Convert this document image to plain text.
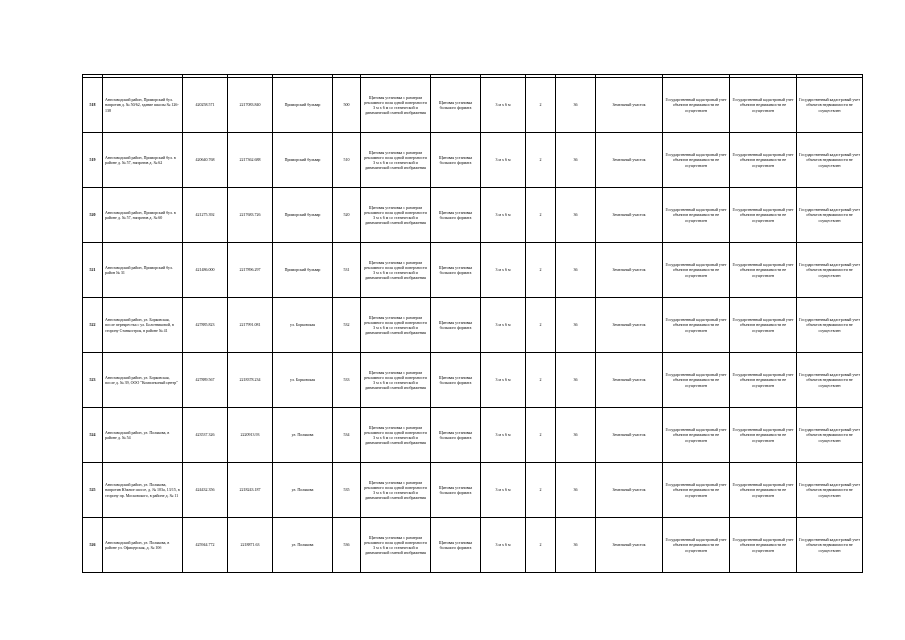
518	Автозаводский район, Приморский бул. напротив д. № 50/62, здание школы № 126-138	420258.571	2217083.840	Приморский бульвар	500	Щитовая установка с размером рекламного поля одной поверхности 3 м x 6 м со статической и динамической сменой изображения	Щитовая установка большого формата	3 м x 6 м	2	36	Земельный участок	Государственный кадастровый учет объектов недвижимости не осуществлен	Государственный кадастровый учет объектов недвижимости не осуществлен	Государственный кадастровый учет объектов недвижимости не осуществлен
519	Автозаводский район, Приморский бул. в районе д. № 57, напротив д. № 62	420640.768	2217362.688	Приморский бульвар	510	Щитовая установка с размером рекламного поля одной поверхности 3 м x 6 м со статической и динамической сменой изображения	Щитовая установка большого формата	3 м x 6 м	2	36	Земельный участок	Государственный кадастровый учет объектов недвижимости не осуществлен	Государственный кадастровый учет объектов недвижимости не осуществлен	Государственный кадастровый учет объектов недвижимости не осуществлен
520	Автозаводский район, Приморский бул. в районе д. № 57, напротив д. № 60	421275.392	2217683.726	Приморский бульвар	520	Щитовая установка с размером рекламного поля одной поверхности 3 м x 6 м со статической и динамической сменой изображения	Щитовая установка большого формата	3 м x 6 м	2	36	Земельный участок	Государственный кадастровый учет объектов недвижимости не осуществлен	Государственный кадастровый учет объектов недвижимости не осуществлен	Государственный кадастровый учет объектов недвижимости не осуществлен
521	Автозаводский район, Приморский бул. район № 31	421486.000	2217896.297	Приморский бульвар	531	Щитовая установка с размером рекламного поля одной поверхности 3 м x 6 м со статической и динамической сменой изображения	Щитовая установка большого формата	3 м x 6 м	2	36	Земельный участок	Государственный кадастровый учет объектов недвижимости не осуществлен	Государственный кадастровый учет объектов недвижимости не осуществлен	Государственный кадастровый учет объектов недвижимости не осуществлен
522	Автозаводский район, ул. Борковская, после перекрестка с ул. Болотниковой, в сторону Станкостроя, в районе № 41	427885.823	2217991.081	ул. Борковская	532	Щитовая установка с размером рекламного поля одной поверхности 3 м x 6 м со статической и динамической сменой изображения	Щитовая установка большого формата	3 м x 6 м	2	36	Земельный участок	Государственный кадастровый учет объектов недвижимости не осуществлен	Государственный кадастровый учет объектов недвижимости не осуществлен	Государственный кадастровый учет объектов недвижимости не осуществлен
523	Автозаводский район, ул. Борковская, после д. № 39, ООО "Комплексный центр"	427889.567	2218378.234	ул. Борковская	533	Щитовая установка с размером рекламного поля одной поверхности 3 м x 6 м со статической и динамической сменой изображения	Щитовая установка большого формата	3 м x 6 м	2	36	Земельный участок	Государственный кадастровый учет объектов недвижимости не осуществлен	Государственный кадастровый учет объектов недвижимости не осуществлен	Государственный кадастровый учет объектов недвижимости не осуществлен
524	Автозаводский район, ул. Полякова, в районе д. № 54	423537.326	2220913.93	ул. Полякова	534	Щитовая установка с размером рекламного поля одной поверхности 3 м x 6 м со статической и динамической сменой изображения	Щитовая установка большого формата	3 м x 6 м	2	36	Земельный участок	Государственный кадастровый учет объектов недвижимости не осуществлен	Государственный кадастровый учет объектов недвижимости не осуществлен	Государственный кадастровый учет объектов недвижимости не осуществлен
525	Автозаводский район, ул. Полякова, напротив Южное шоссе, д. № 103а, 13/15, в сторону пр. Московского, в районе д. № 11	424432.356	2218243.187	ул. Полякова	535	Щитовая установка с размером рекламного поля одной поверхности 3 м x 6 м со статической и динамической сменой изображения	Щитовая установка большого формата	3 м x 6 м	2	36	Земельный участок	Государственный кадастровый учет объектов недвижимости не осуществлен	Государственный кадастровый учет объектов недвижимости не осуществлен	Государственный кадастровый учет объектов недвижимости не осуществлен
526	Автозаводский район, ул. Полякова, в районе ул. Офицерская, д. № 10б	425944.772	2218871.63	ул. Полякова	536	Щитовая установка с размером рекламного поля одной поверхности 3 м x 6 м со статической и динамической сменой изображения	Щитовая установка большого формата	3 м x 6 м	2	36	Земельный участок	Государственный кадастровый учет объектов недвижимости не осуществлен	Государственный кадастровый учет объектов недвижимости не осуществлен	Государственный кадастровый учет объектов недвижимости не осуществлен
